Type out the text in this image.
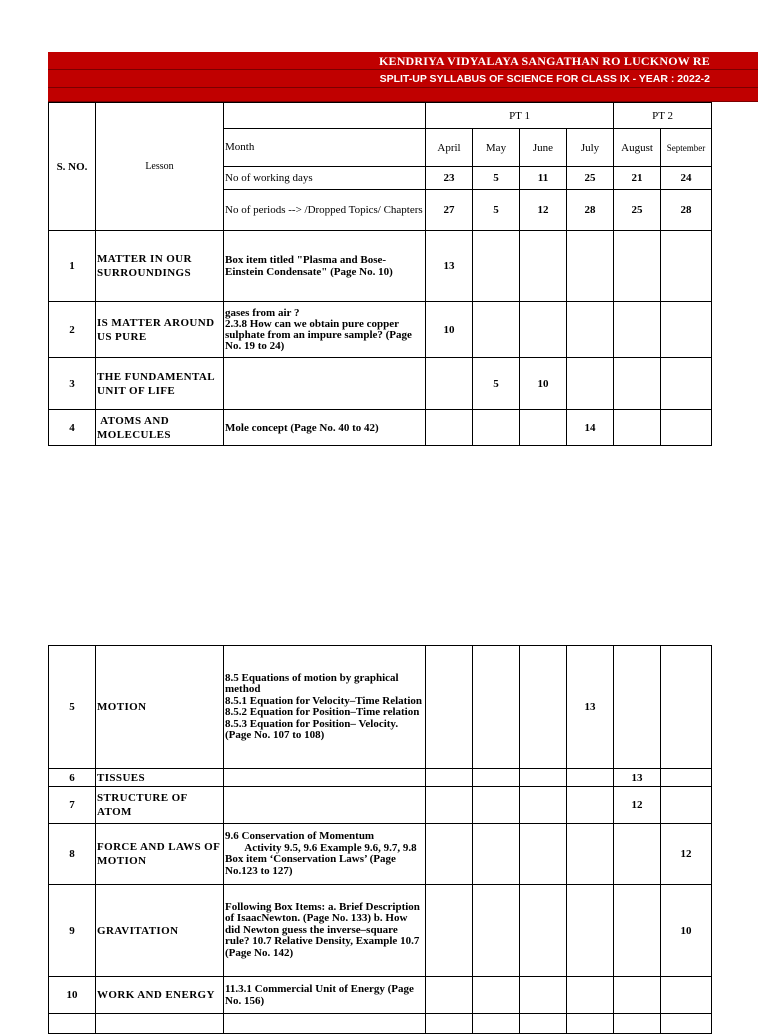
KENDRIYA VIDYALAYA SANGATHAN RO LUCKNOW RE
SPLIT-UP SYLLABUS OF SCIENCE FOR CLASS IX - YEAR : 2022-2
S. NO.	Lesson		PT 1				PT 2	
		Month	April	May	June	July	August	September
		No of working days	23	5	11	25	21	24
		No of periods --> /Dropped Topics/ Chapters	27	5	12	28	25	28
1	MATTER IN OUR SURROUNDINGS	Box item titled "Plasma and Bose-Einstein Condensate" (Page No. 10)	13					
2	IS MATTER AROUND US PURE	gases from air ?
2.3.8 How can we obtain pure copper sulphate from an impure sample? (Page No. 19 to 24)	10					
3	THE FUNDAMENTAL UNIT OF LIFE			5	10			
4	ATOMS AND MOLECULES	Mole concept (Page No. 40 to 42)				14		
5	MOTION	8.5 Equations of motion by graphical method
8.5.1 Equation for Velocity–Time Relation
8.5.2 Equation for Position–Time relation
8.5.3 Equation for Position– Velocity. (Page No. 107 to 108)				13		
6	TISSUES						13	
7	STRUCTURE OF ATOM						12	
8	FORCE AND LAWS OF MOTION	9.6 Conservation of Momentum
Activity 9.5, 9.6 Example 9.6, 9.7, 9.8     Box item ‘Conservation Laws’ (Page No.123 to 127)						12
9	GRAVITATION	Following Box Items: a. Brief Description of IsaacNewton. (Page No. 133) b. How did Newton guess the inverse–square rule? 10.7 Relative Density, Example 10.7 (Page No. 142)						10
10	WORK AND ENERGY	11.3.1 Commercial Unit of Energy (Page No. 156)						
